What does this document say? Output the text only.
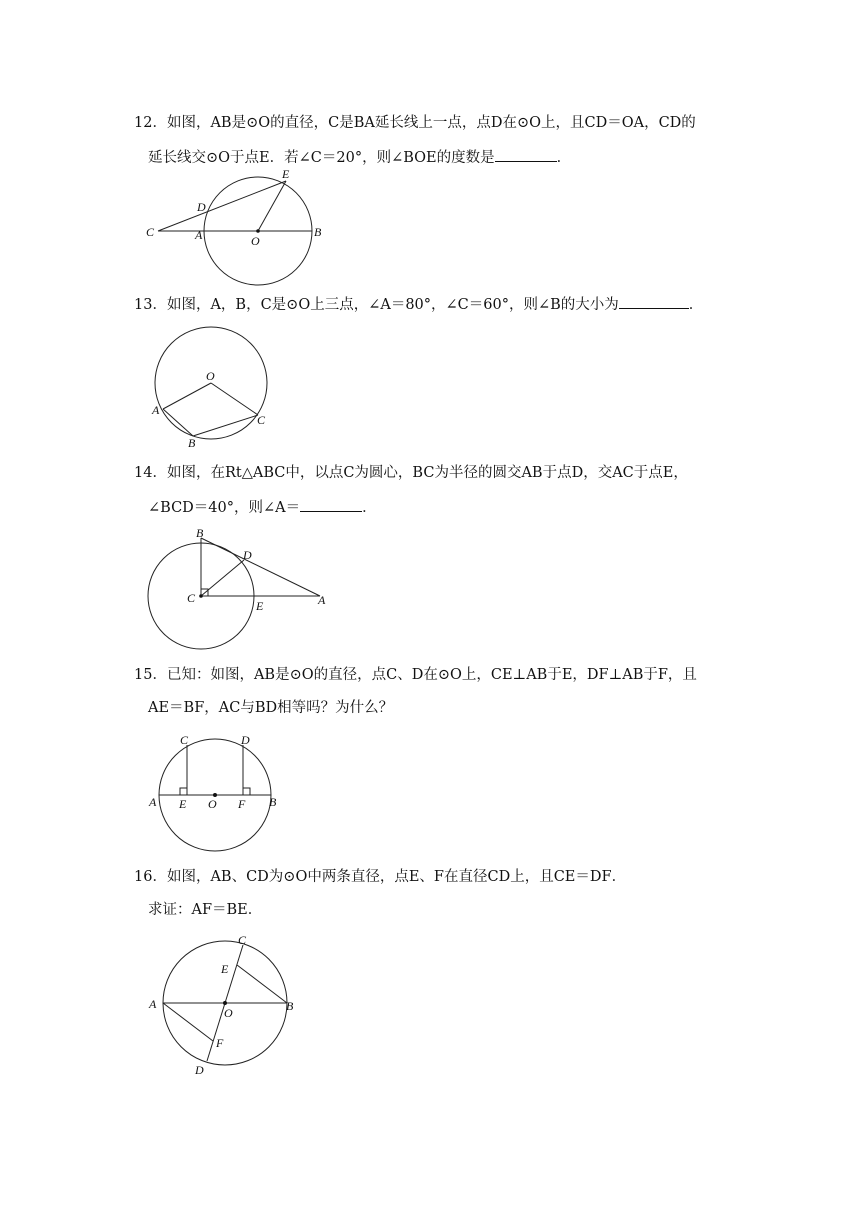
12．如图，AB是⊙O的直径，C是BA延长线上一点，点D在⊙O上，且CD＝OA，CD的
延长线交⊙O于点E．若∠C＝20°，则∠BOE的度数是	．
E
D
C	A	O
B
13．如图，A，B，C是⊙O上三点，∠A＝80°，∠C＝60°，则∠B的大小为	．
O
A
B
C
14．如图，在Rt△ABC中，以点C为圆心，BC为半径的圆交AB于点D，交AC于点E，
∠BCD＝40°，则∠A＝	．
B
D
C
E	A
15．已知：如图，AB是⊙O的直径，点C、D在⊙O上，CE⊥AB于E，DF⊥AB于F，且
AE＝BF，AC与BD相等吗？为什么？
C	D
A E O F B
16．如图，AB、CD为⊙O中两条直径，点E、F在直径CD上，且CE＝DF．
求证：AF＝BE．
C
E
A
O	B
F
D
